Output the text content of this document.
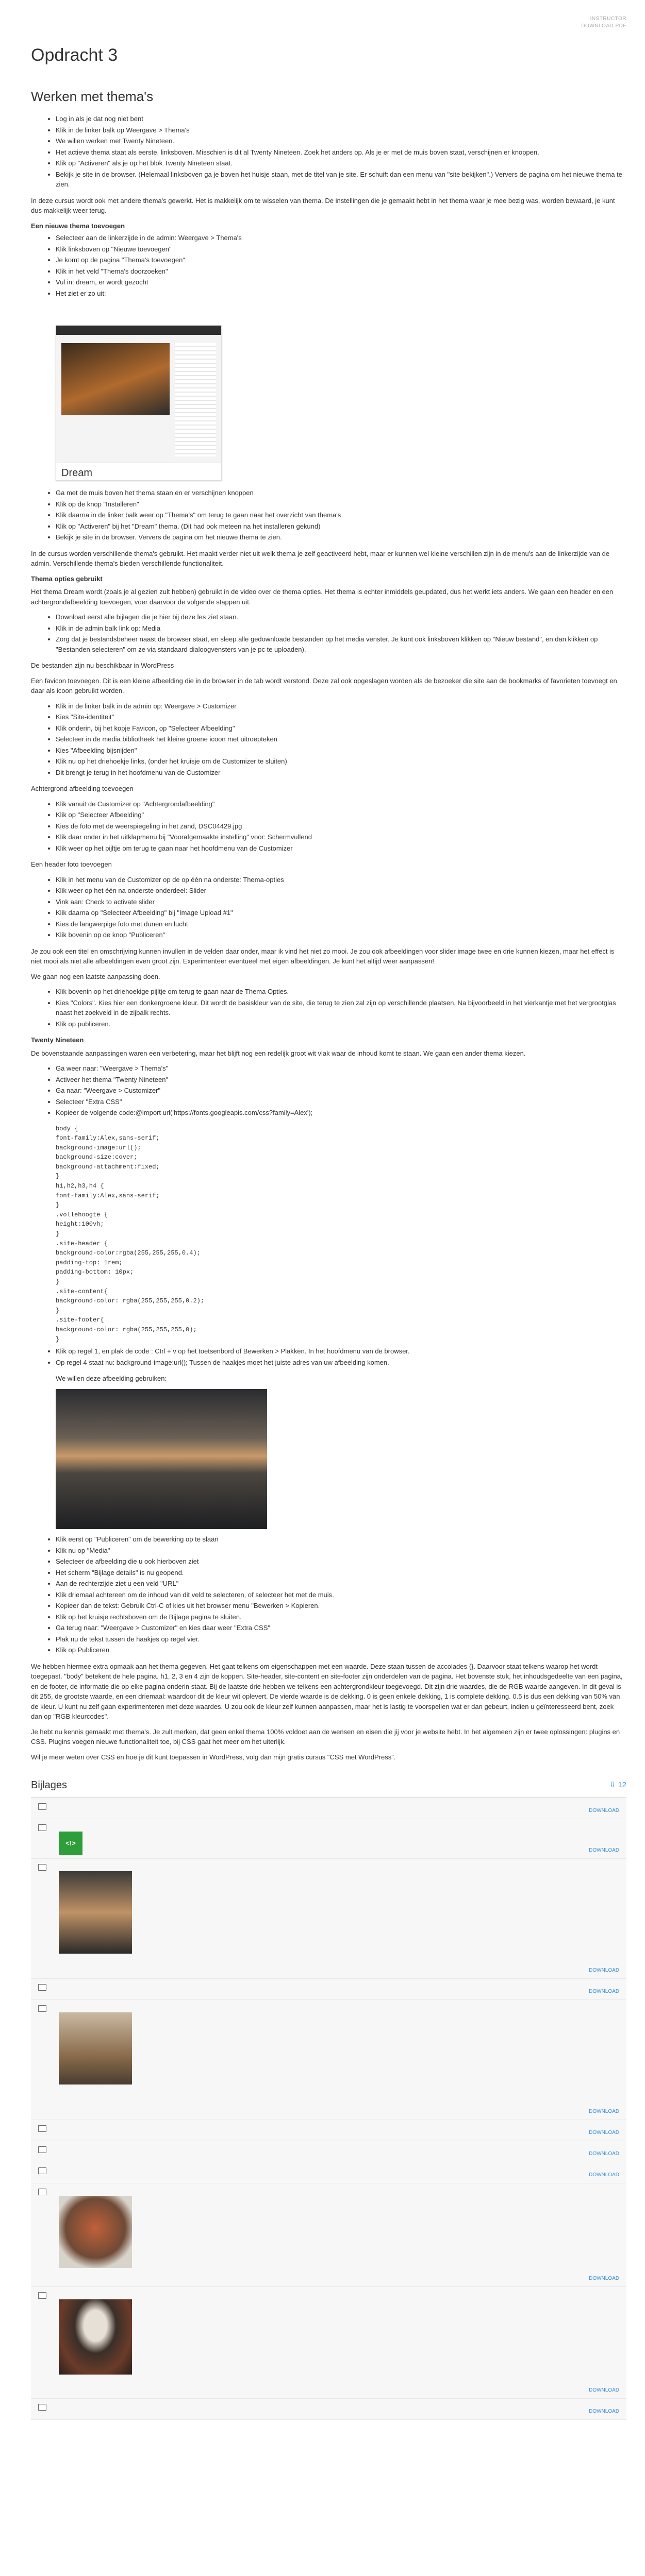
INSTRUCTOR
DOWNLOAD PDF
Opdracht 3
Werken met thema's
• Log in als je dat nog niet bent
• Klik in de linker balk op Weergave > Thema's
• We willen werken met Twenty Nineteen.
• Het actieve thema staat als eerste, linksboven. Misschien is dit al Twenty Nineteen. Zoek het anders op. Als je er met de muis boven staat, verschijnen er knoppen.
• Klik op "Activeren" als je op het blok Twenty Nineteen staat.
• Bekijk je site in de browser. (Helemaal linksboven ga je boven het huisje staan, met de titel van je site. Er schuift dan een menu van "site bekijken".) Ververs de pagina om het nieuwe thema te zien.

In deze cursus wordt ook met andere thema's gewerkt. Het is makkelijk om te wisselen van thema. De instellingen die je gemaakt hebt in het thema waar je mee bezig was, worden bewaard, je kunt dus makkelijk weer terug.

Een nieuwe thema toevoegen
• Selecteer aan de linkerzijde in de admin: Weergave > Thema's
• Klik linksboven op "Nieuwe toevoegen"
• Je komt op de pagina "Thema's toevoegen"
• Klik in het veld "Thema's doorzoeken"
• Vul in: dream, er wordt gezocht
• Het ziet er zo uit:
Dream
• Ga met de muis boven het thema staan en er verschijnen knoppen
• Klik op de knop "Installeren"
• Klik daarna in de linker balk weer op "Thema's" om terug te gaan naar het overzicht van thema's
• Klik op "Activeren" bij het "Dream" thema. (Dit had ook meteen na het installeren gekund)
• Bekijk je site in de browser. Ververs de pagina om het nieuwe thema te zien.

In de cursus worden verschillende thema's gebruikt. Het maakt verder niet uit welk thema je zelf geactiveerd hebt, maar er kunnen wel kleine verschillen zijn in de menu's aan de linkerzijde van de admin. Verschillende thema's bieden verschillende functionaliteit.

Thema opties gebruikt

Het thema Dream wordt (zoals je al gezien zult hebben) gebruikt in de video over de thema opties. Het thema is echter inmiddels geupdated, dus het werkt iets anders. We gaan een header en een achtergrondafbeelding toevoegen, voer daarvoor de volgende stappen uit.

• Download eerst alle bijlagen die je hier bij deze les ziet staan.
• Klik in de admin balk link op: Media
• Zorg dat je bestandsbeheer naast de browser staat, en sleep alle gedownloade bestanden op het media venster. Je kunt ook linksboven klikken op "Nieuw bestand", en dan klikken op "Bestanden selecteren" om ze via standaard dialoogvensters van je pc te uploaden).

De bestanden zijn nu beschikbaar in WordPress

Een favicon toevoegen. Dit is een kleine afbeelding die in de browser in de tab wordt verstond. Deze zal ook opgeslagen worden als de bezoeker die site aan de bookmarks of favorieten toevoegt en daar als icoon gebruikt worden.

• Klik in de linker balk in de admin op: Weergave > Customizer
• Kies "Site-identiteit"
• Klik onderin, bij het kopje Favicon, op "Selecteer Afbeelding"
• Selecteer in de media bibliotheek het kleine groene icoon met uitroepteken
• Kies "Afbeelding bijsnijden"
• Klik nu op het driehoekje links, (onder het kruisje om de Customizer te sluiten)
• Dit brengt je terug in het hoofdmenu van de Customizer

Achtergrond afbeelding toevoegen

• Klik vanuit de Customizer op "Achtergrondafbeelding"
• Klik op "Selecteer Afbeelding"
• Kies de foto met de weerspiegeling in het zand, DSC04429.jpg
• Klik daar onder in het uitklapmenu bij "Voorafgemaakte instelling" voor: Schermvullend
• Klik weer op het pijltje om terug te gaan naar het hoofdmenu van de Customizer

Een header foto toevoegen

• Klik in het menu van de Customizer op de op één na onderste: Thema-opties
• Klik weer op het één na onderste onderdeel: Slider
• Vink aan: Check to activate slider
• Klik daarna op "Selecteer Afbeelding" bij "Image Upload #1"
• Kies de langwerpige foto met dunen en lucht
• Klik bovenin op de knop "Publiceren"

Je zou ook een titel en omschrijving kunnen invullen in de velden daar onder, maar ik vind het niet zo mooi. Je zou ook afbeeldingen voor slider image twee en drie kunnen kiezen, maar het effect is niet mooi als niet alle afbeeldingen even groot zijn. Experimenteer eventueel met eigen afbeeldingen. Je kunt het altijd weer aanpassen!

We gaan nog een laatste aanpassing doen.

• Klik bovenin op het driehoekige pijltje om terug te gaan naar de Thema Opties.
• Kies "Colors". Kies hier een donkergroene kleur. Dit wordt de basiskleur van de site, die terug te zien zal zijn op verschillende plaatsen. Na bijvoorbeeld in het vierkantje met het vergrootglas naast het zoekveld in de zijbalk rechts.
• Klik op publiceren.
Twenty Nineteen

De bovenstaande aanpassingen waren een verbetering, maar het blijft nog een redelijk groot wit vlak waar de inhoud komt te staan. We gaan een ander thema kiezen.

• Ga weer naar: "Weergave > Thema's"
• Activeer het thema "Twenty Nineteen"
• Ga naar: "Weergave > Customizer"
• Selecteer "Extra CSS"
• Kopieer de volgende code:@import url('https://fonts.googleapis.com/css?family=Alex');
body {
font-family:Alex,sans-serif;
background-image:url();
background-size:cover;
background-attachment:fixed;
}
h1,h2,h3,h4 {
font-family:Alex,sans-serif;
}
.vollehoogte {
height:100vh;
}
.site-header {
background-color:rgba(255,255,255,0.4);
padding-top: 1rem;
padding-bottom: 10px;
}
.site-content{
background-color: rgba(255,255,255,0.2);
}
.site-footer{
background-color: rgba(255,255,255,0);
}
• Klik op regel 1, en plak de code : Ctrl + v op het toetsenbord of Bewerken > Plakken. In het hoofdmenu van de browser.
• Op regel 4 staat nu: background-image:url(); Tussen de haakjes moet het juiste adres van uw afbeelding komen.
We willen deze afbeelding gebruiken:
• Klik eerst op "Publiceren" om de bewerking op te slaan
• Klik nu op "Media"
• Selecteer de afbeelding die u ook hierboven ziet
• Het scherm "Bijlage details" is nu geopend.
• Aan de rechterzijde ziet u een veld "URL"
• Klik driemaal achtereen om de inhoud van dit veld te selecteren, of selecteer het met de muis.
• Kopieer dan de tekst: Gebruik Ctrl-C of kies uit het browser menu "Bewerken > Kopieren.
• Klik op het kruisje rechtsboven om de Bijlage pagina te sluiten.
• Ga terug naar: "Weergave > Customizer" en kies daar weer "Extra CSS"
• Plak nu de tekst tussen de haakjes op regel vier.
• Klik op Publiceren

We hebben hiermee extra opmaak aan het thema gegeven. Het gaat telkens om eigenschappen met een waarde. Deze staan tussen de accolades {}. Daarvoor staat telkens waarop het wordt toegepast. "body" betekent de hele pagina. h1, 2, 3 en 4 zijn de koppen. Site-header, site-content en site-footer zijn onderdelen van de pagina. Het bovenste stuk, het inhoudsgedeelte van een pagina, en de footer, de informatie die op elke pagina onderin staat. Bij de laatste drie hebben we telkens een achtergrondkleur toegevoegd. Dit zijn drie waardes, die de RGB waarde aangeven. In dit geval is dit 255, de grootste waarde, en een driemaal: waardoor dit de kleur wit oplevert. De vierde waarde is de dekking. 0 is geen enkele dekking, 1 is complete dekking. 0.5 is dus een dekking van 50% van de kleur. U kunt nu zelf gaan experimenteren met deze waardes. U zou ook de kleur zelf kunnen aanpassen, maar het is lastig te voorspellen wat er dan gebeurt, indien u geïnteresseerd bent, zoek dan op "RGB kleurcodes".

Je hebt nu kennis gemaakt met thema's. Je zult merken, dat geen enkel thema 100% voldoet aan de wensen en eisen die jij voor je website hebt. In het algemeen zijn er twee oplossingen: plugins en CSS. Plugins voegen nieuwe functionaliteit toe, bij CSS gaat het meer om het uiterlijk.

Wil je meer weten over CSS en hoe je dit kunt toepassen in WordPress, volg dan mijn gratis cursus "CSS met WordPress".

Bijlages	⇩ 12
DOWNLOAD
<!>
DOWNLOAD
DOWNLOAD
DOWNLOAD
DOWNLOAD
DOWNLOAD
DOWNLOAD
DOWNLOAD
DOWNLOAD
DOWNLOAD
DOWNLOAD
